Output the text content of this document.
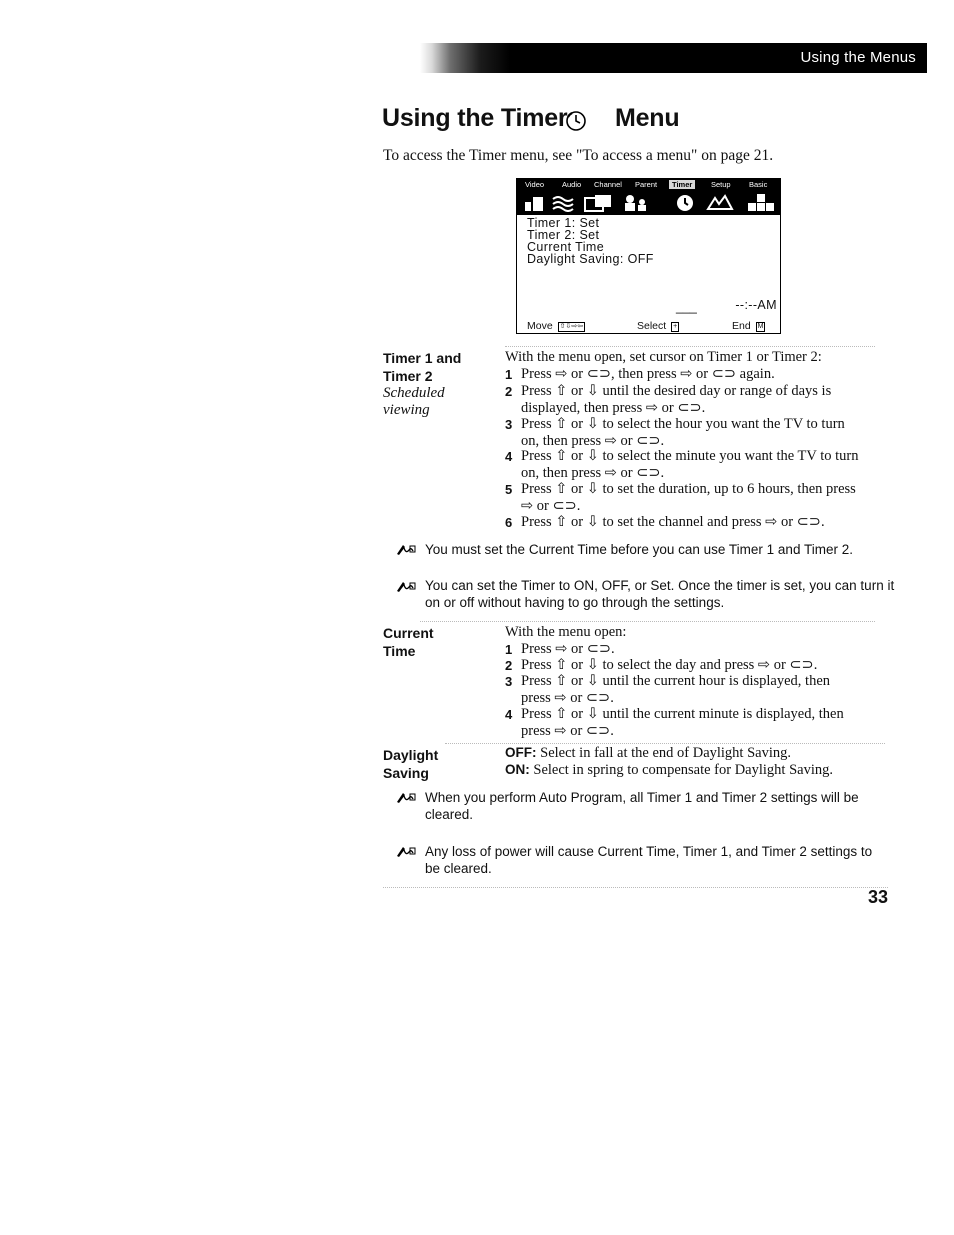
Using the Menus
Using the Timer Menu
To access the Timer menu, see "To access a menu" on page 21.
Video Audio Channel Parent	Timer	Setup Basic
Timer 1: Set
Timer 2: Set
Current Time
Daylight Saving: OFF
___	--:--AM
Move ⇧⇩⇨⇦	Select +	End M
Timer 1 and
Timer 2
Scheduled
viewing
With the menu open, set cursor on Timer 1 or Timer 2:
1 Press ⇨ or ⊂⊃, then press ⇨ or ⊂⊃ again.
2 Press ⇧ or ⇩ until the desired day or range of days is
displayed, then press ⇨ or ⊂⊃.
3 Press ⇧ or ⇩ to select the hour you want the TV to turn
on, then press ⇨ or ⊂⊃.
4 Press ⇧ or ⇩ to select the minute you want the TV to turn
on, then press ⇨ or ⊂⊃.
5 Press ⇧ or ⇩ to set the duration, up to 6 hours, then press
⇨ or ⊂⊃.
6 Press ⇧ or ⇩ to set the channel and press ⇨ or ⊂⊃.
You must set the Current Time before you can use Timer 1 and Timer 2.
You can set the Timer to ON, OFF, or Set. Once the timer is set, you can turn it
on or off without having to go through the settings.
Current
Time
With the menu open:
1 Press ⇨ or ⊂⊃.
2 Press ⇧ or ⇩ to select the day and press ⇨ or ⊂⊃.
3 Press ⇧ or ⇩ until the current hour is displayed, then
press ⇨ or ⊂⊃.
4 Press ⇧ or ⇩ until the current minute is displayed, then
press ⇨ or ⊂⊃.
Daylight
Saving
OFF: Select in fall at the end of Daylight Saving.
ON: Select in spring to compensate for Daylight Saving.
When you perform Auto Program, all Timer 1 and Timer 2 settings will be
cleared.
Any loss of power will cause Current Time, Timer 1, and Timer 2 settings to
be cleared.
33
